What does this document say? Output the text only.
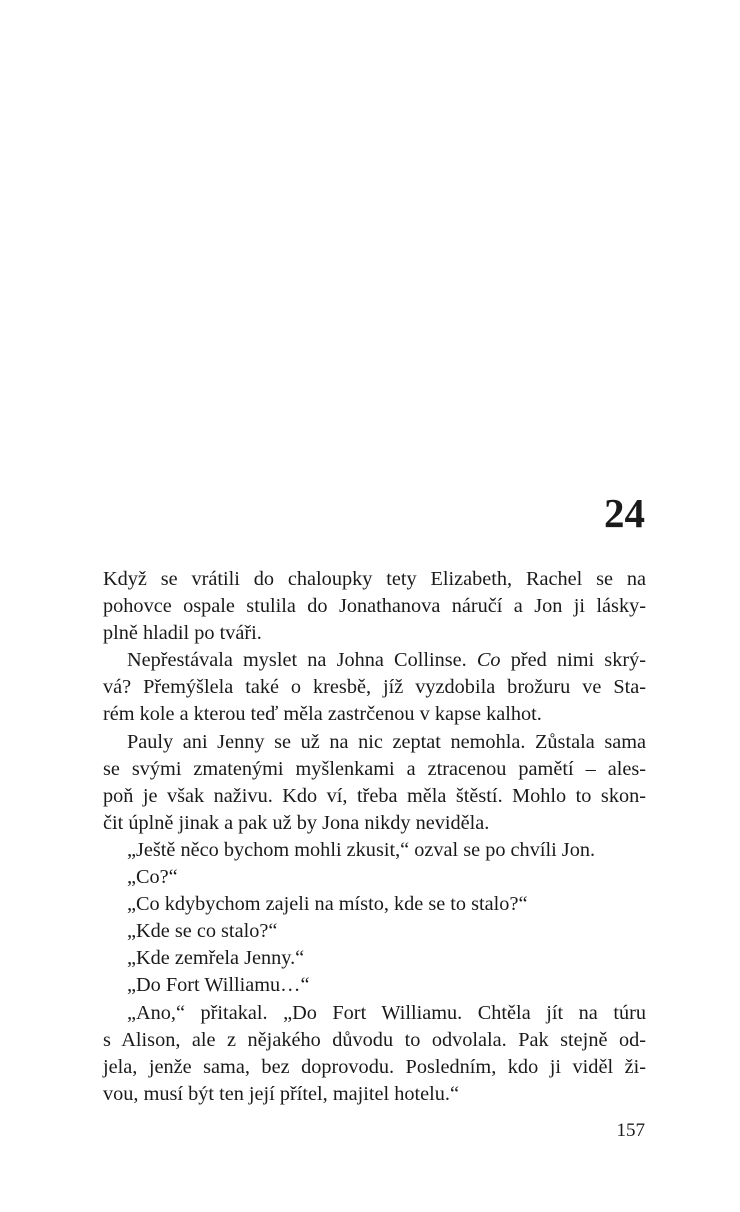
24

Když se vrátili do chaloupky tety Elizabeth, Rachel se na
pohovce ospale stulila do Jonathanova náručí a Jon ji lásky-
plně hladil po tváři.

Nepřestávala myslet na Johna Collinse. Co před nimi skrý-
vá? Přemýšlela také o kresbě, jíž vyzdobila brožuru ve Sta-
rém kole a kterou teď měla zastrčenou v kapse kalhot.

Pauly ani Jenny se už na nic zeptat nemohla. Zůstala sama
se svými zmatenými myšlenkami a ztracenou pamětí – ales-
poň je však naživu. Kdo ví, třeba měla štěstí. Mohlo to skon-
čit úplně jinak a pak už by Jona nikdy neviděla.

„Ještě něco bychom mohli zkusit,“ ozval se po chvíli Jon.

„Co?“

„Co kdybychom zajeli na místo, kde se to stalo?“

„Kde se co stalo?“

„Kde zemřela Jenny.“

„Do Fort Williamu…“

„Ano,“ přitakal. „Do Fort Williamu. Chtěla jít na túru
s Alison, ale z nějakého důvodu to odvolala. Pak stejně od-
jela, jenže sama, bez doprovodu. Posledním, kdo ji viděl ži-
vou, musí být ten její přítel, majitel hotelu.“

157
